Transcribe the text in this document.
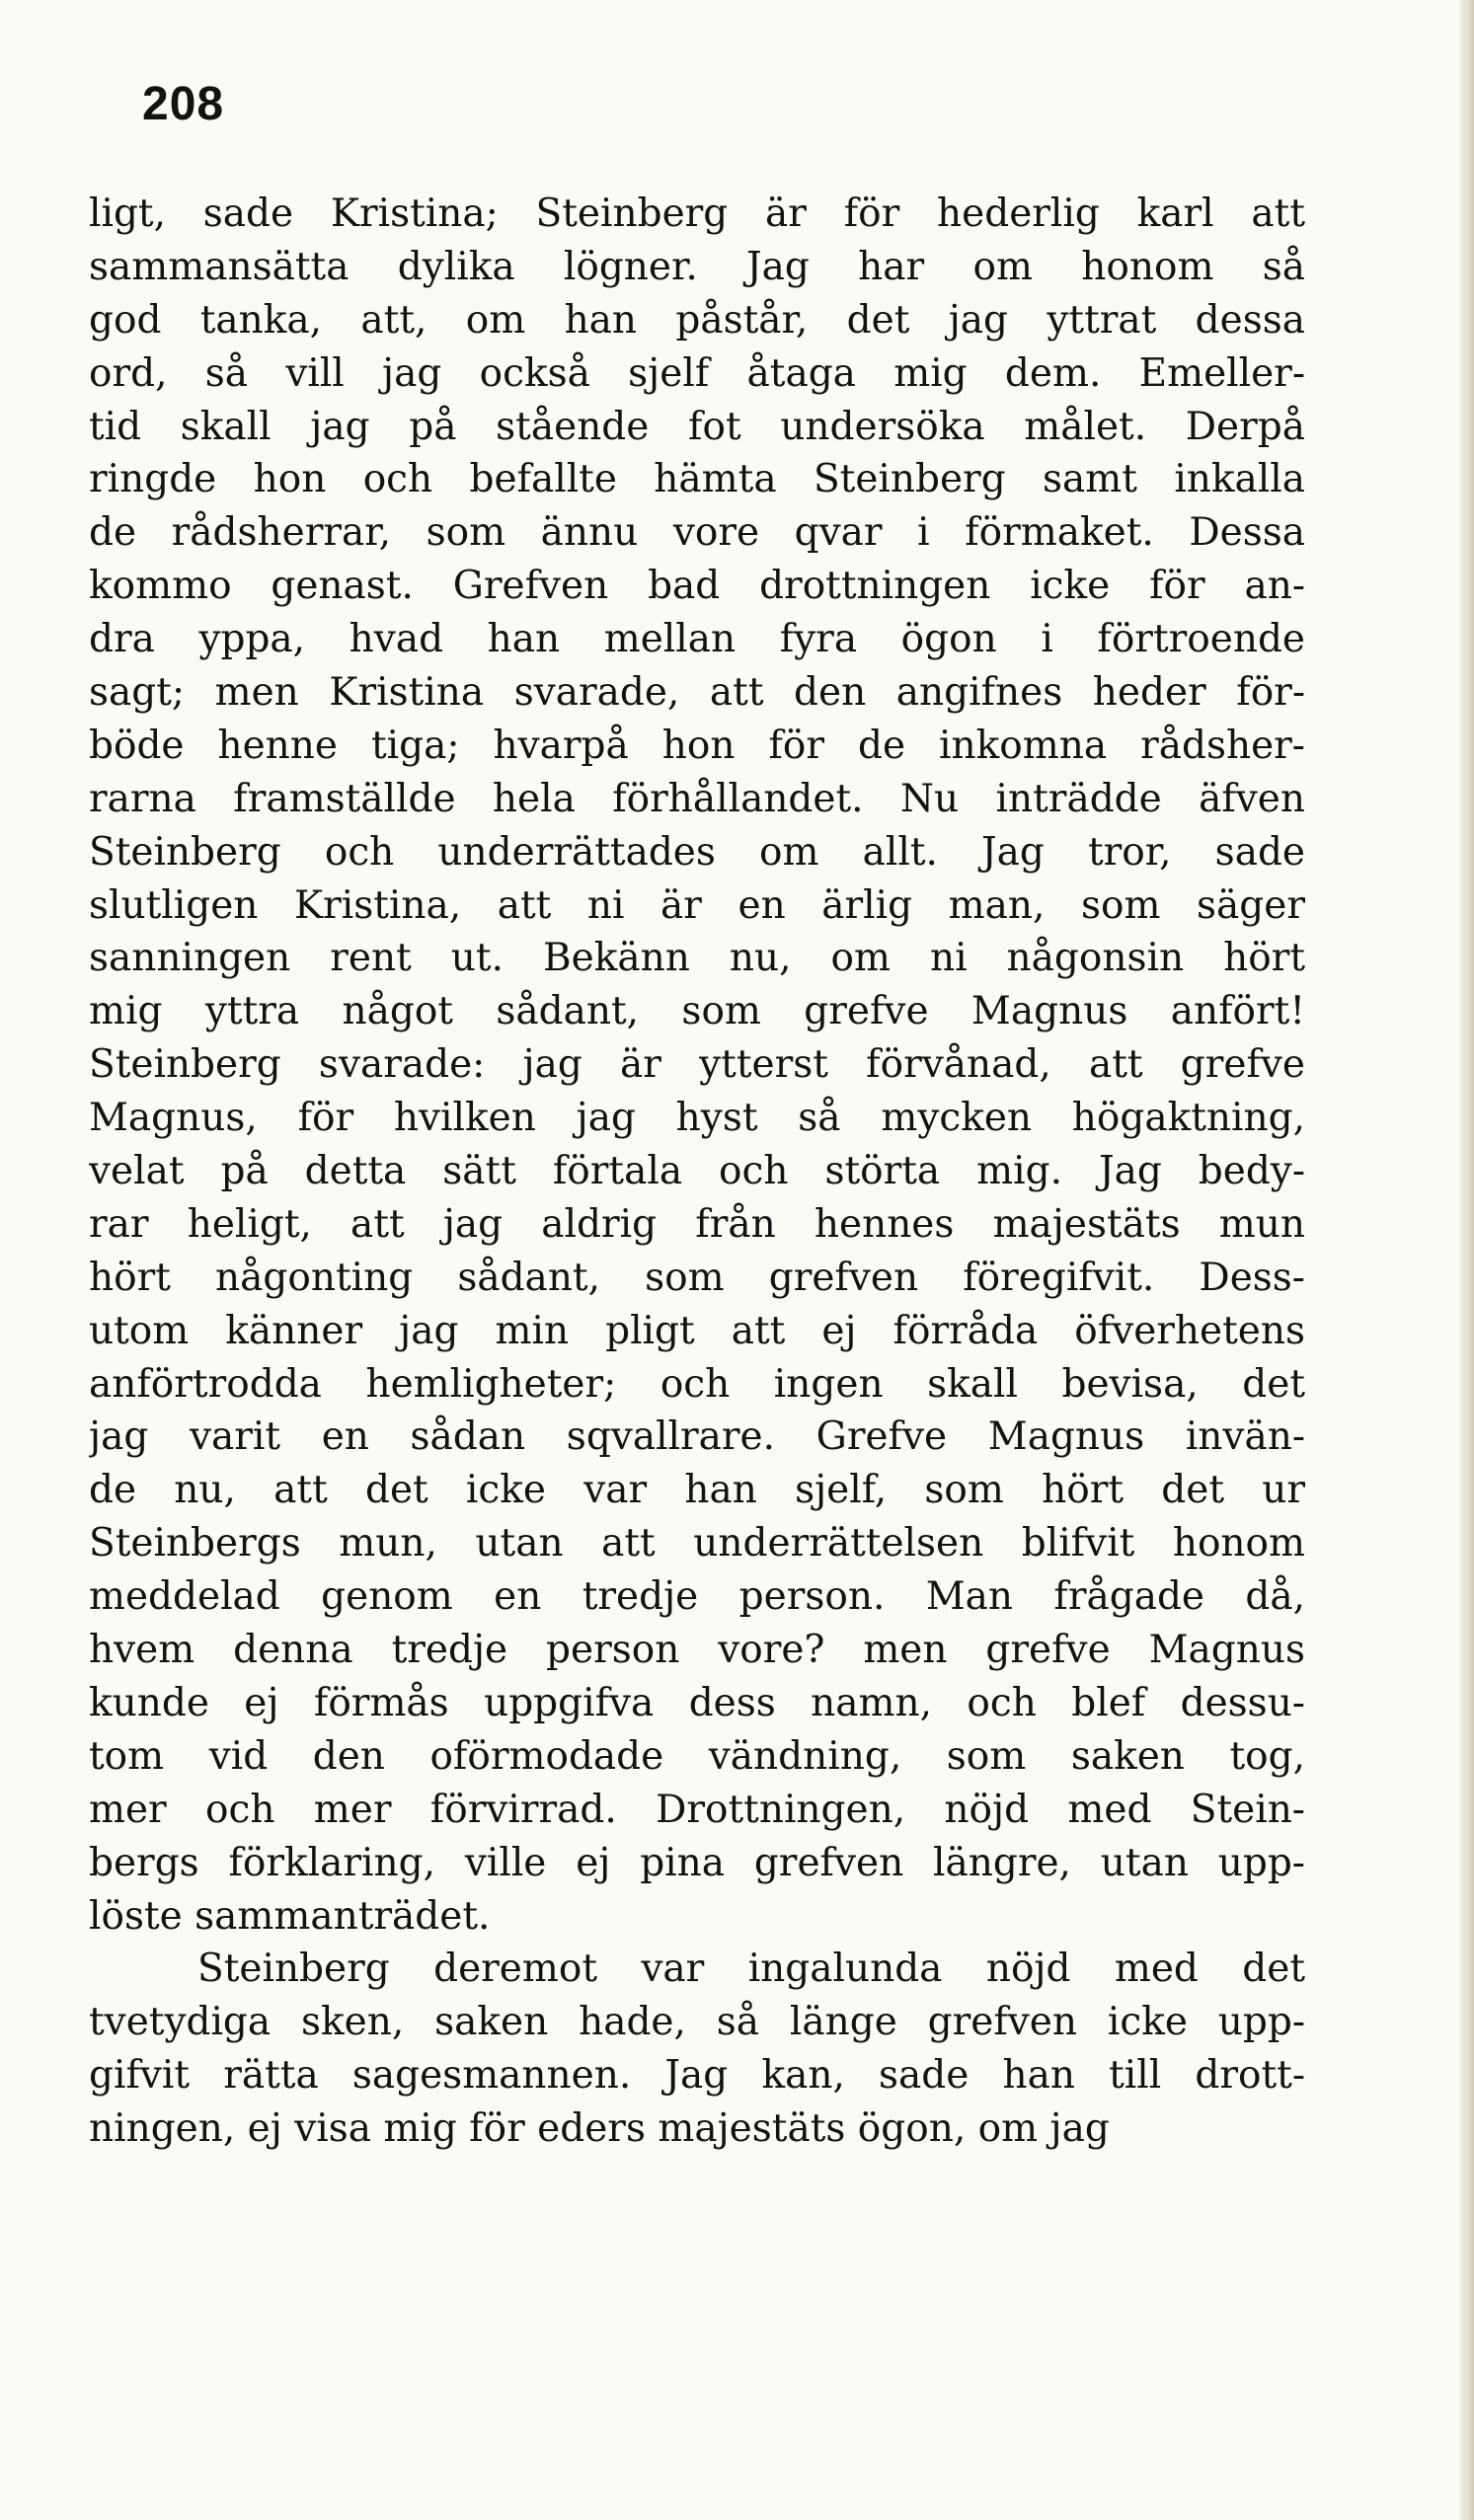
208
ligt, sade Kristina; Steinberg är för hederlig karl att
sammansätta dylika lögner. Jag har om honom så
god tanka, att, om han påstår, det jag yttrat dessa
ord, så vill jag också sjelf åtaga mig dem. Emeller-
tid skall jag på stående fot undersöka målet. Derpå
ringde hon och befallte hämta Steinberg samt inkalla
de rådsherrar, som ännu vore qvar i förmaket. Dessa
kommo genast. Grefven bad drottningen icke för an-
dra yppa, hvad han mellan fyra ögon i förtroende
sagt; men Kristina svarade, att den angifnes heder för-
böde henne tiga; hvarpå hon för de inkomna rådsher-
rarna framställde hela förhållandet. Nu inträdde äfven
Steinberg och underrättades om allt. Jag tror, sade
slutligen Kristina, att ni är en ärlig man, som säger
sanningen rent ut. Bekänn nu, om ni någonsin hört
mig yttra något sådant, som grefve Magnus anfört!
Steinberg svarade: jag är ytterst förvånad, att grefve
Magnus, för hvilken jag hyst så mycken högaktning,
velat på detta sätt förtala och störta mig. Jag bedy-
rar heligt, att jag aldrig från hennes majestäts mun
hört någonting sådant, som grefven föregifvit. Dess-
utom känner jag min pligt att ej förråda öfverhetens
anförtrodda hemligheter; och ingen skall bevisa, det
jag varit en sådan sqvallrare. Grefve Magnus invän-
de nu, att det icke var han sjelf, som hört det ur
Steinbergs mun, utan att underrättelsen blifvit honom
meddelad genom en tredje person. Man frågade då,
hvem denna tredje person vore? men grefve Magnus
kunde ej förmås uppgifva dess namn, och blef dessu-
tom vid den oförmodade vändning, som saken tog,
mer och mer förvirrad. Drottningen, nöjd med Stein-
bergs förklaring, ville ej pina grefven längre, utan upp-
löste sammanträdet.
Steinberg deremot var ingalunda nöjd med det
tvetydiga sken, saken hade, så länge grefven icke upp-
gifvit rätta sagesmannen. Jag kan, sade han till drott-
ningen, ej visa mig för eders majestäts ögon, om jag
